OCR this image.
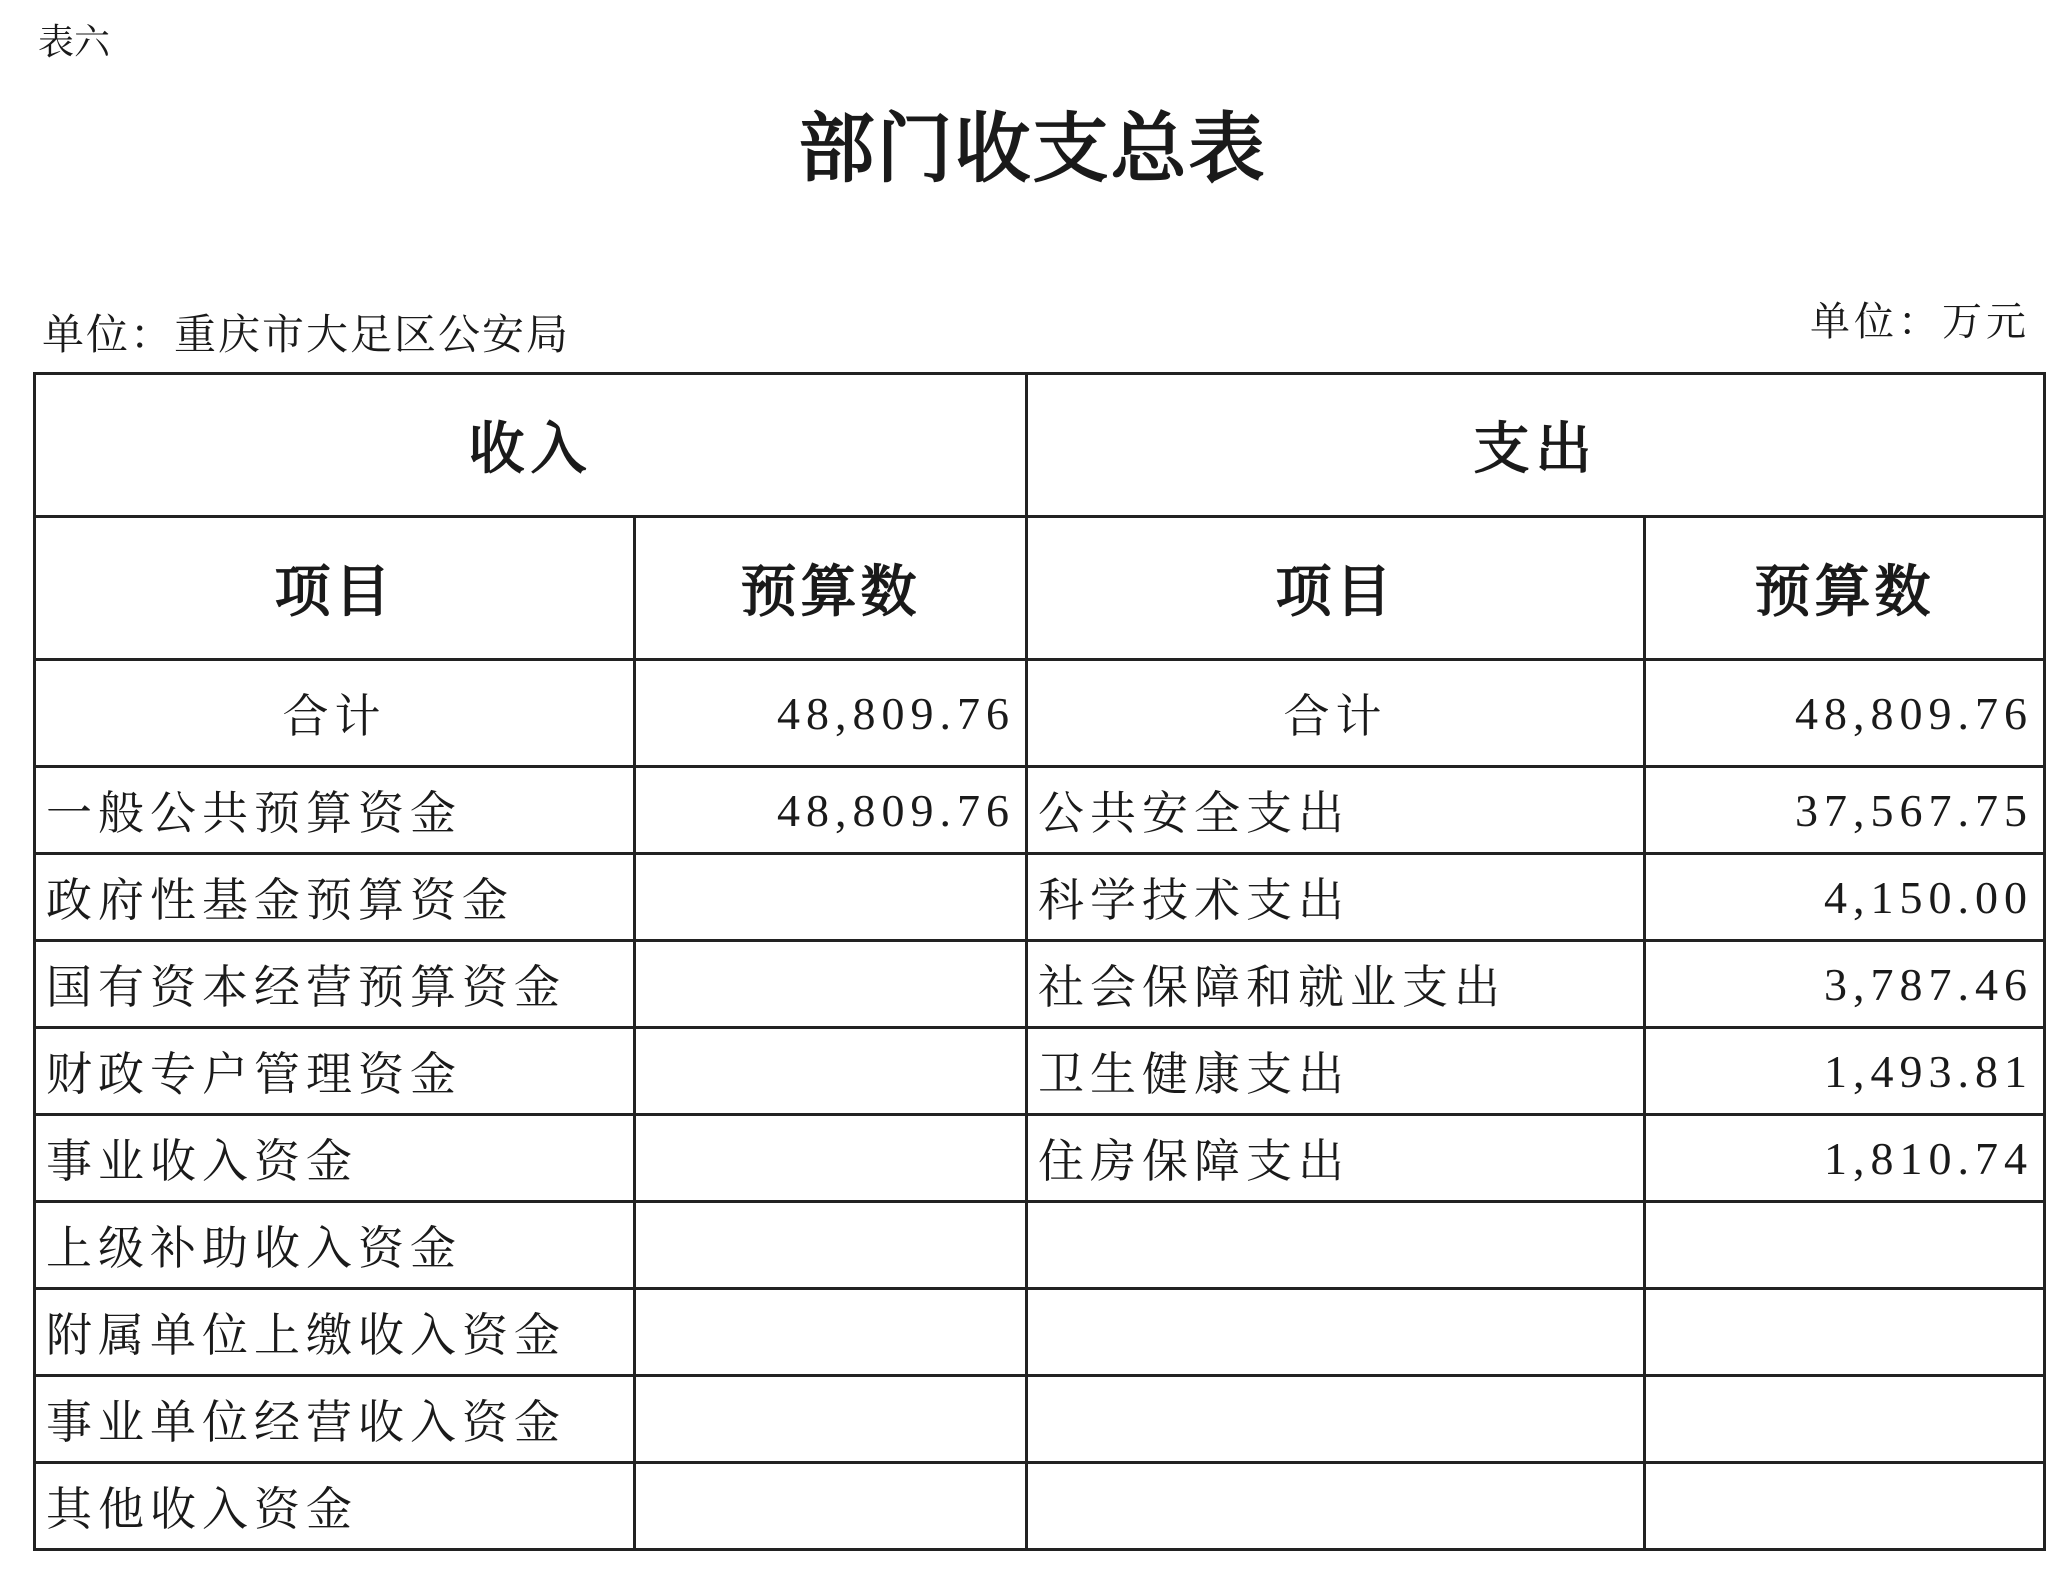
表六
部门收支总表
单位：重庆市大足区公安局	单位：万元
收入		支出	
项目	预算数	项目	预算数
合计	48,809.76	合计	48,809.76
一般公共预算资金	48,809.76	公共安全支出	37,567.75
政府性基金预算资金		科学技术支出	4,150.00
国有资本经营预算资金		社会保障和就业支出	3,787.46
财政专户管理资金		卫生健康支出	1,493.81
事业收入资金		住房保障支出	1,810.74
上级补助收入资金			
附属单位上缴收入资金			
事业单位经营收入资金			
其他收入资金			
